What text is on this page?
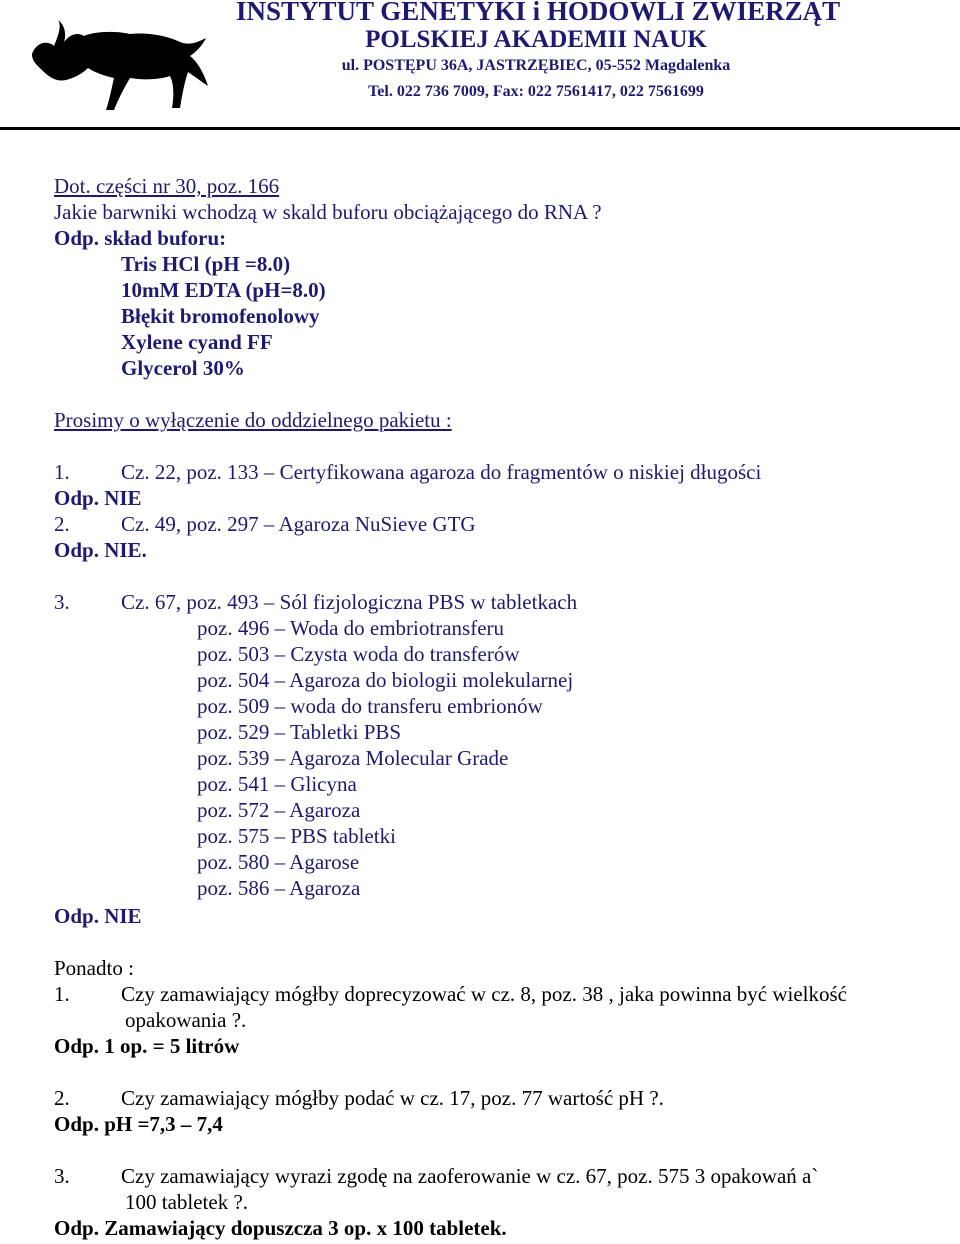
INSTYTUT GENETYKI i HODOWLI ZWIERZĄT
POLSKIEJ AKADEMII NAUK
ul. POSTĘPU 36A, JASTRZĘBIEC, 05-552 Magdalenka
Tel. 022 736 7009, Fax: 022 7561417, 022 7561699
Dot. części nr 30, poz. 166
Jakie barwniki wchodzą w skald buforu obciążającego do RNA ?
Odp. skład buforu:
Tris HCl (pH =8.0)
10mM EDTA (pH=8.0)
Błękit bromofenolowy
Xylene cyand FF
Glycerol 30%
Prosimy o wyłączenie do oddzielnego pakietu :
1. Cz. 22, poz. 133 – Certyfikowana agaroza do fragmentów o niskiej długości
Odp. NIE
2. Cz. 49, poz. 297 – Agaroza NuSieve GTG
Odp. NIE.
3. Cz. 67, poz. 493 – Sól fizjologiczna PBS w tabletkach
poz. 496 – Woda do embriotransferu
poz. 503 – Czysta woda do transferów
poz. 504 – Agaroza do biologii molekularnej
poz. 509 – woda do transferu embrionów
poz. 529 – Tabletki PBS
poz. 539 – Agaroza Molecular Grade
poz. 541 – Glicyna
poz. 572 – Agaroza
poz. 575 – PBS tabletki
poz. 580 – Agarose
poz. 586 – Agaroza
Odp. NIE
Ponadto :
1. Czy zamawiający mógłby doprecyzować w cz. 8, poz. 38 , jaka powinna być wielkość
opakowania ?.
Odp. 1 op. = 5 litrów
2. Czy zamawiający mógłby podać w cz. 17, poz. 77 wartość pH ?.
Odp. pH =7,3 – 7,4
3. Czy zamawiający wyrazi zgodę na zaoferowanie w cz. 67, poz. 575 3 opakowań a`
100 tabletek ?.
Odp. Zamawiający dopuszcza 3 op. x 100 tabletek.
